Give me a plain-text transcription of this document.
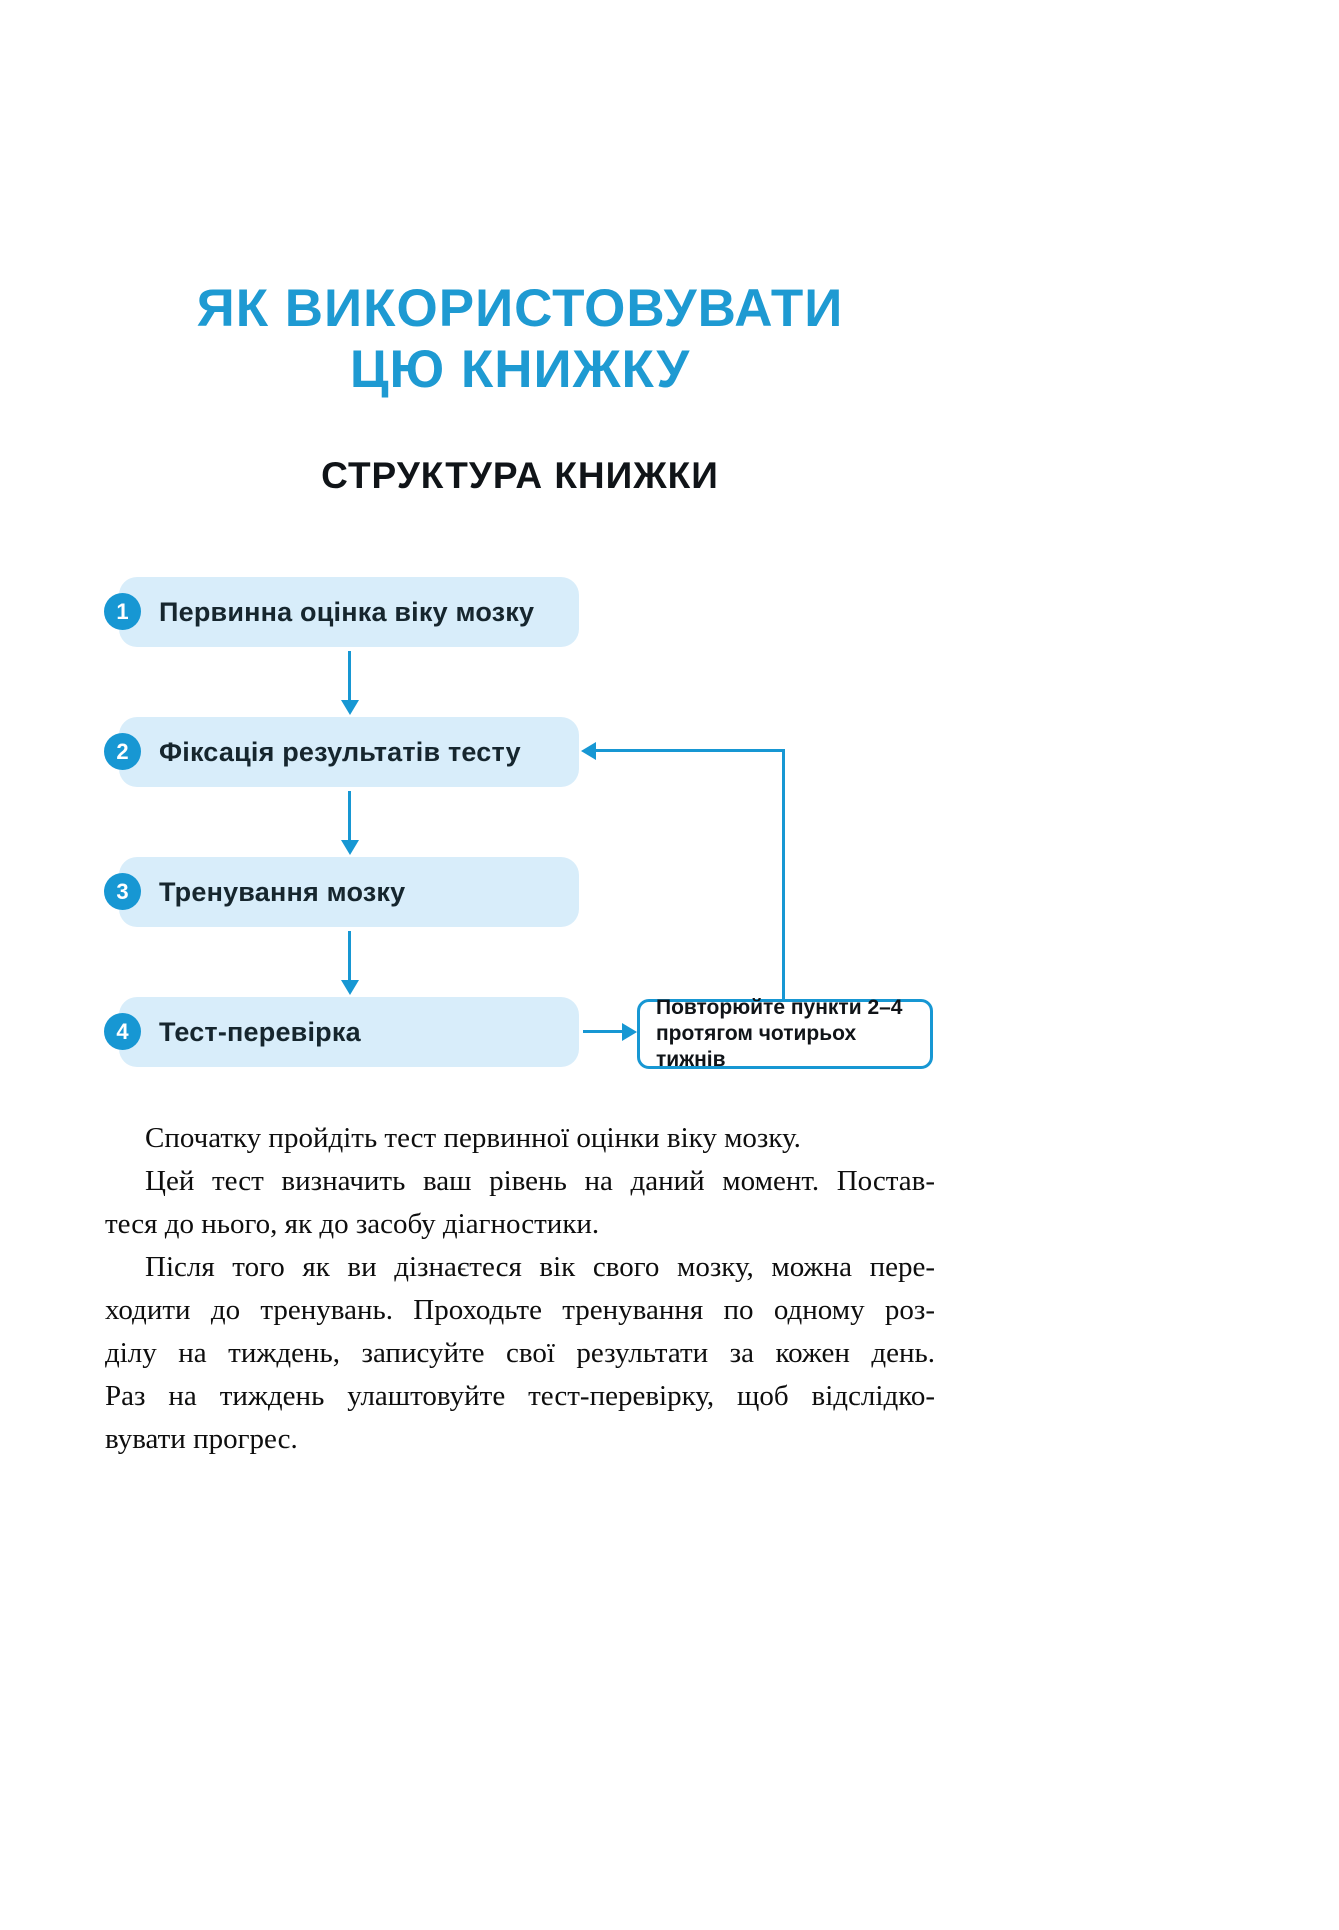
ЯК ВИКОРИСТОВУВАТИ
ЦЮ КНИЖКУ
СТРУКТУРА КНИЖКИ
1	Первинна оцінка віку мозку
2	Фіксація результатів тесту
3	Тренування мозку
4	Тест-перевірка
Повторюйте пункти 2–4
протягом чотирьох тижнів
Спочатку пройдіть тест первинної оцінки віку мозку.
Цей тест визначить ваш рівень на даний момент. Постав-
теся до нього, як до засобу діагностики.
Після того як ви дізнаєтеся вік свого мозку, можна пере-
ходити до тренувань. Проходьте тренування по одному роз-
ділу на тиждень, записуйте свої результати за кожен день.
Раз на тиждень улаштовуйте тест-перевірку, щоб відслідко-
вувати прогрес.
